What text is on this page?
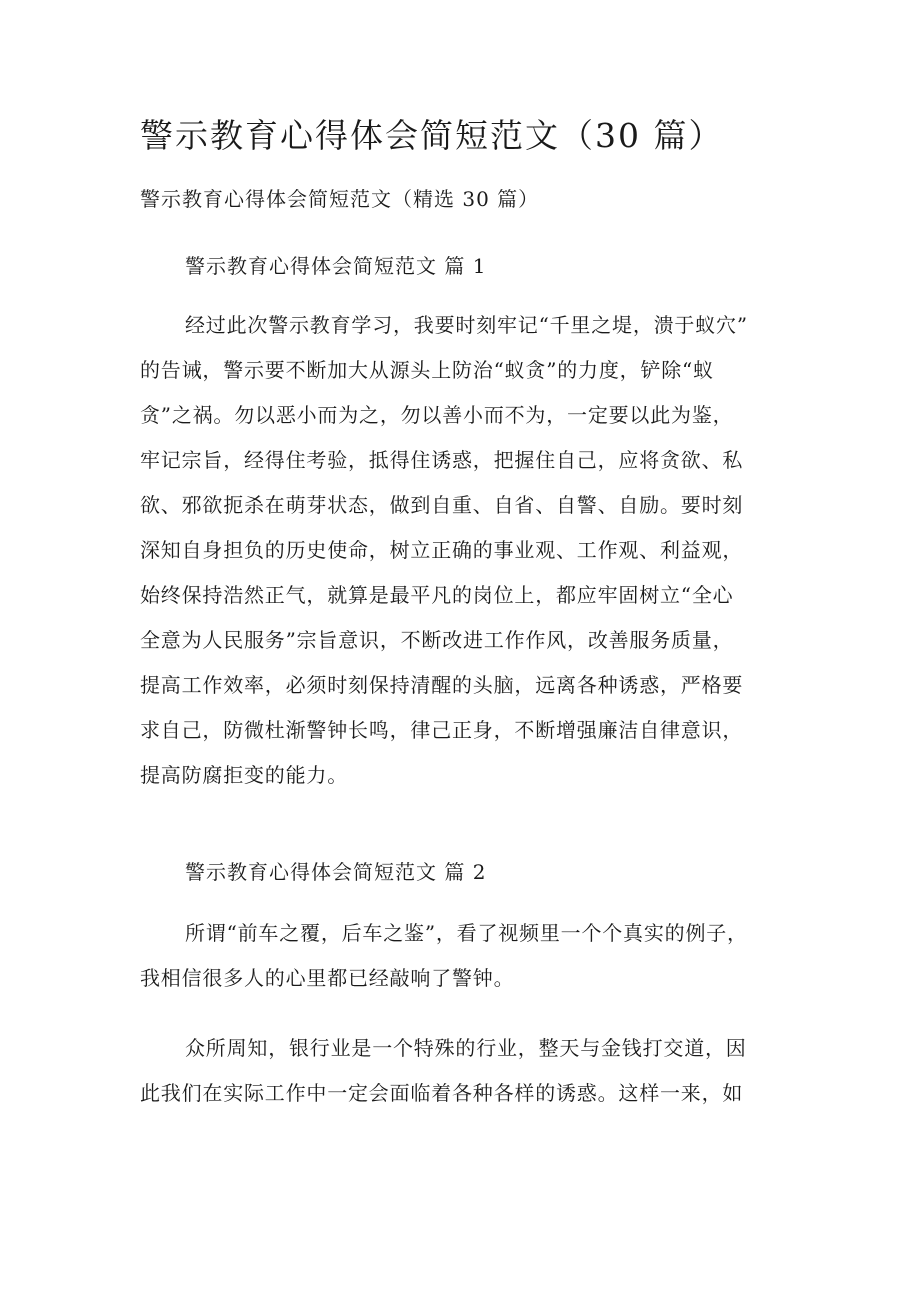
警示教育心得体会简短范文（30 篇）
警示教育心得体会简短范文（精选 30 篇）
警示教育心得体会简短范文 篇 1
经过此次警示教育学习，我要时刻牢记“千里之堤，溃于蚁穴”
的告诫，警示要不断加大从源头上防治“蚁贪”的力度，铲除“蚁
贪”之祸。勿以恶小而为之，勿以善小而不为，一定要以此为鉴，
牢记宗旨，经得住考验，抵得住诱惑，把握住自己，应将贪欲、私
欲、邪欲扼杀在萌芽状态，做到自重、自省、自警、自励。要时刻
深知自身担负的历史使命，树立正确的事业观、工作观、利益观，
始终保持浩然正气，就算是最平凡的岗位上，都应牢固树立“全心
全意为人民服务”宗旨意识，不断改进工作作风，改善服务质量，
提高工作效率，必须时刻保持清醒的头脑，远离各种诱惑，严格要
求自己，防微杜渐警钟长鸣，律己正身，不断增强廉洁自律意识，
提高防腐拒变的能力。
警示教育心得体会简短范文 篇 2
所谓“前车之覆，后车之鉴”，看了视频里一个个真实的例子，
我相信很多人的心里都已经敲响了警钟。
众所周知，银行业是一个特殊的行业，整天与金钱打交道，因
此我们在实际工作中一定会面临着各种各样的诱惑。这样一来，如
